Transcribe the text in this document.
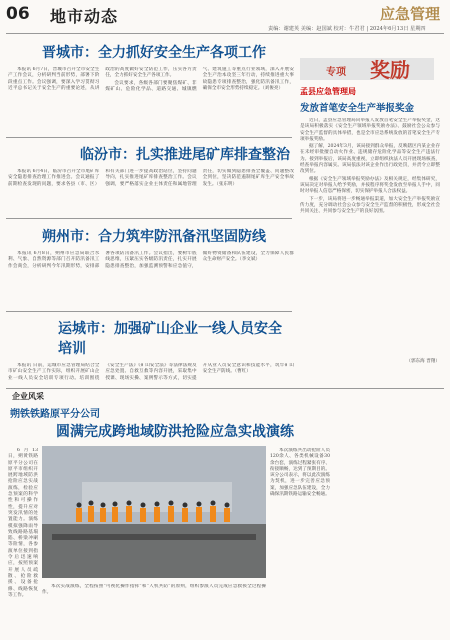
06 地市动态	应急管理
责编：谢建英 美编：赵国斌 校对：牛君君 | 2024年6月13日 星期四
晋城市：全力抓好安全生产各项工作

本报讯 6月7日，晋城市召开全市安全生产工作会议，分析研判当前形势，部署下阶段重点工作。会议强调，要深入学习贯彻习近平总书记关于安全生产的重要论述，从讲政治的高度做好安全防范工作，压实各方责任，全力抓好安全生产各项工作。

会议要求，各级各部门要聚焦煤矿、非煤矿山、危险化学品、道路交通、城镇燃气、建筑施工等重点行业领域，深入开展安全生产治本攻坚三年行动，持续推进重大事故隐患专项排查整治，强化防汛备汛工作，确保全市安全形势持续稳定。（刘俊亮）

临汾市：扎实推进尾矿库排查整治

本报讯 6月4日，临汾市召开全市尾矿库安全隐患排查治理工作推进会。会议通报了前期检查发现的问题，要求各县（市、区）和有关部门进一步提高政治站位，坚持问题导向，扎实推进尾矿库排查整治工作。会议强调，要严格落实企业主体责任和属地管理责任，切实做到隐患排查全覆盖、问题整改全到位，坚决防范遏制尾矿库生产安全事故发生。（张东明）

朔州市：合力筑牢防汛备汛坚固防线

本报讯 6月8日，朔州市应急局联合水利、气象、自然资源等部门召开防汛备汛工作会商会，分析研判今年汛期形势，安排部署各项防汛备汛工作。会议指出，要树牢底线思维，压紧压实各级防汛责任，扎实开展隐患排查整治，加强监测预警和应急值守，做好物资储备和队伍建设，全力保障人民群众生命财产安全。（李文斌）

运城市：加强矿山企业一线人员安全培训

本报讯 日前，运城市应急管理局结合全市矿山安全生产工作实际，组织开展矿山企业一线人员安全培训专项行动。培训围绕《安全生产法》《矿山安全法》等法律法规及应急处置、自救互救等内容开展，采取集中授课、现场实操、案例警示等方式，切实提升从业人员安全意识和技能水平，筑牢矿山安全生产防线。（曹红）

专项 奖励
孟县应急管理局
发放首笔安全生产举报奖金

近日，孟县应急管理局向举报人发放首笔安全生产举报奖金，这是该局积极落实《安全生产领域举报奖励办法》、鼓励社会公众参与安全生产监督的具体举措，也是全市应急系统发放的首笔安全生产专项举报奖励。

据了解，2024年3月，该局接到群众举报，反映辖区内某企业存在未经审批擅自动火作业、违规储存危险化学品等安全生产违法行为。接到举报后，该局高度重视，立即组织执法人员开展现场核查，经查举报内容属实。该局依法对该企业作出行政处罚，并责令立即整改到位。

根据《安全生产领域举报奖励办法》及相关规定，经集体研究，该局决定对举报人给予奖励，并按程序将奖金发放至举报人手中，同时对举报人信息严格保密，切实保护举报人合法权益。

下一步，该局将进一步畅通举报渠道，加大安全生产举报奖励宣传力度，充分调动社会公众参与安全生产监督的积极性，形成全社会共同关注、共同参与安全生产的良好氛围。

（郭东海 晋翔）
企业风采
朔铁铁路原平分公司
圆满完成跨地域防洪抢险应急实战演练

6月13日，朔黄铁路原平分公司在原平市组织开展跨地域防洪抢险应急实战演练，检验应急预案的科学性和可操作性，提升应对突发汛情的处置能力。演练模拟强降雨导致线路路基塌陷、桥梁冲刷等险情，各参演单位接到指令后迅速响应，按照预案开展人员疏散、抢险救援、设备抢修、线路恢复等工作。

本次演练共出动抢险人员120余人、各类机械设备30余台套，演练过程紧张有序、衔接顺畅，达到了预期目的。该分公司表示，将以此次演练为契机，进一步完善应急预案，加强应急队伍建设，全力确保汛期铁路运输安全畅通。

本次实战演练，全程按照“可视化操作指挥”和“人机共防”的原则，组织参演人员完成应急救援全过程操作。
